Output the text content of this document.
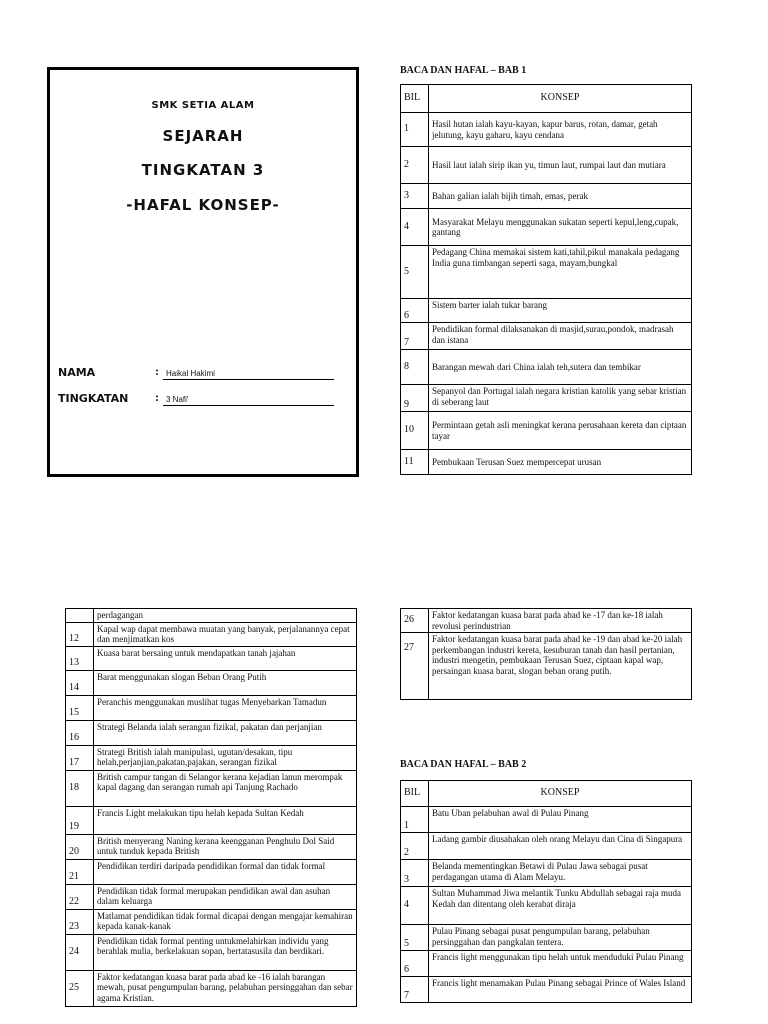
SMK SETIA ALAM
SEJARAH
TINGKATAN 3
-HAFAL KONSEP-
NAMA	: Haikal Hakimi
TINGKATAN : 3 Nafi'
BACA DAN HAFAL – BAB 1
BIL	KONSEP
1	Hasil hutan ialah kayu-kayan, kapur barus, rotan, damar, getah jelutung, kayu gaharu, kayu cendana
2	Hasil laut ialah sirip ikan yu, timun laut, rumpai laut dan mutiara
3	Bahan galian ialah bijih timah, emas, perak
4	Masyarakat Melayu menggunakan sukatan seperti kepul,leng,cupak, gantang
5	Pedagang China memakai sistem kati,tahil,pikul manakala pedagang India guna timbangan seperti saga, mayam,bungkal
6	Sistem barter ialah tukar barang
7	Pendidikan formal dilaksanakan di masjid,surau,pondok, madrasah dan istana
8	Barangan mewah dari China ialah teh,sutera dan tembikar
9	Sepanyol dan Portugal ialah negara kristian katolik yang sebar kristian di seberang laut
10	Permintaan getah asli meningkat kerana perusahaan kereta dan ciptaan tayar
11	Pembukaan Terusan Suez mempercepat urusan
	perdagangan
12	Kapal wap dapat membawa muatan yang banyak, perjalanannya cepat dan menjimatkan kos
13	Kuasa barat bersaing untuk mendapatkan tanah jajahan
14	Barat menggunakan slogan Beban Orang Putih
15	Peranchis menggunakan muslihat tugas Menyebarkan Tamadun
16	Strategi Belanda ialah serangan fizikal, pakatan dan perjanjian
17	Strategi British ialah manipulasi, ugutan/desakan, tipu helah,perjanjian,pakatan,pajakan, serangan fizikal
18	British campur tangan di Selangor kerana kejadian lanun merompak kapal dagang dan serangan rumah api Tanjung Rachado
19	Francis Light melakukan tipu helah kepada Sultan Kedah
20	British menyerang Naning kerana keengganan Penghulu Dol Said untuk tunduk kepada British
21	Pendidikan terdiri daripada pendidikan formal dan tidak formal
22	Pendidikan tidak formal merupakan pendidikan awal dan asuhan dalam keluarga
23	Matlamat pendidikan tidak formal dicapai dengan mengajar kemahiran kepada kanak-kanak
24	Pendidikan tidak formal penting untukmelahirkan individu yang berahlak mulia, berkelakuan sopan, bertatasusila dan berdikari.
25	Faktor kedatangan kuasa barat pada abad ke -16 ialah barangan mewah, pusat pengumpulan barang, pelabuhan persinggahan dan sebar agama Kristian.
26	Faktor kedatangan kuasa barat pada abad ke -17 dan ke-18 ialah revolusi perindustrian
27	Faktor kedatangan kuasa barat pada abad ke -19 dan abad ke-20 ialah perkembangan industri kereta, kesuburan tanah dan hasil pertanian, industri mengetin, pembukaan Terusan Suez, ciptaan kapal wap, persaingan kuasa barat, slogan beban orang putih.
BACA DAN HAFAL – BAB 2
BIL	KONSEP
1	Batu Uban pelabuhan awal di Pulau Pinang
2	Ladang gambir diusahakan oleh orang Melayu dan Cina di Singapura
3	Belanda mementingkan Betawi di Pulau Jawa sebagai pusat perdagangan utama di Alam Melayu.
4	Sultan Muhammad Jiwa melantik Tunku Abdullah sebagai raja muda Kedah dan ditentang oleh kerabat diraja
5	Pulau Pinang sebagai pusat pengumpulan barang, pelabuhan persinggahan dan pangkalan tentera.
6	Francis light menggunakan tipu helah untuk menduduki Pulau Pinang
7	Francis light menamakan Pulau Pinang sebagai Prince of Wales Island
